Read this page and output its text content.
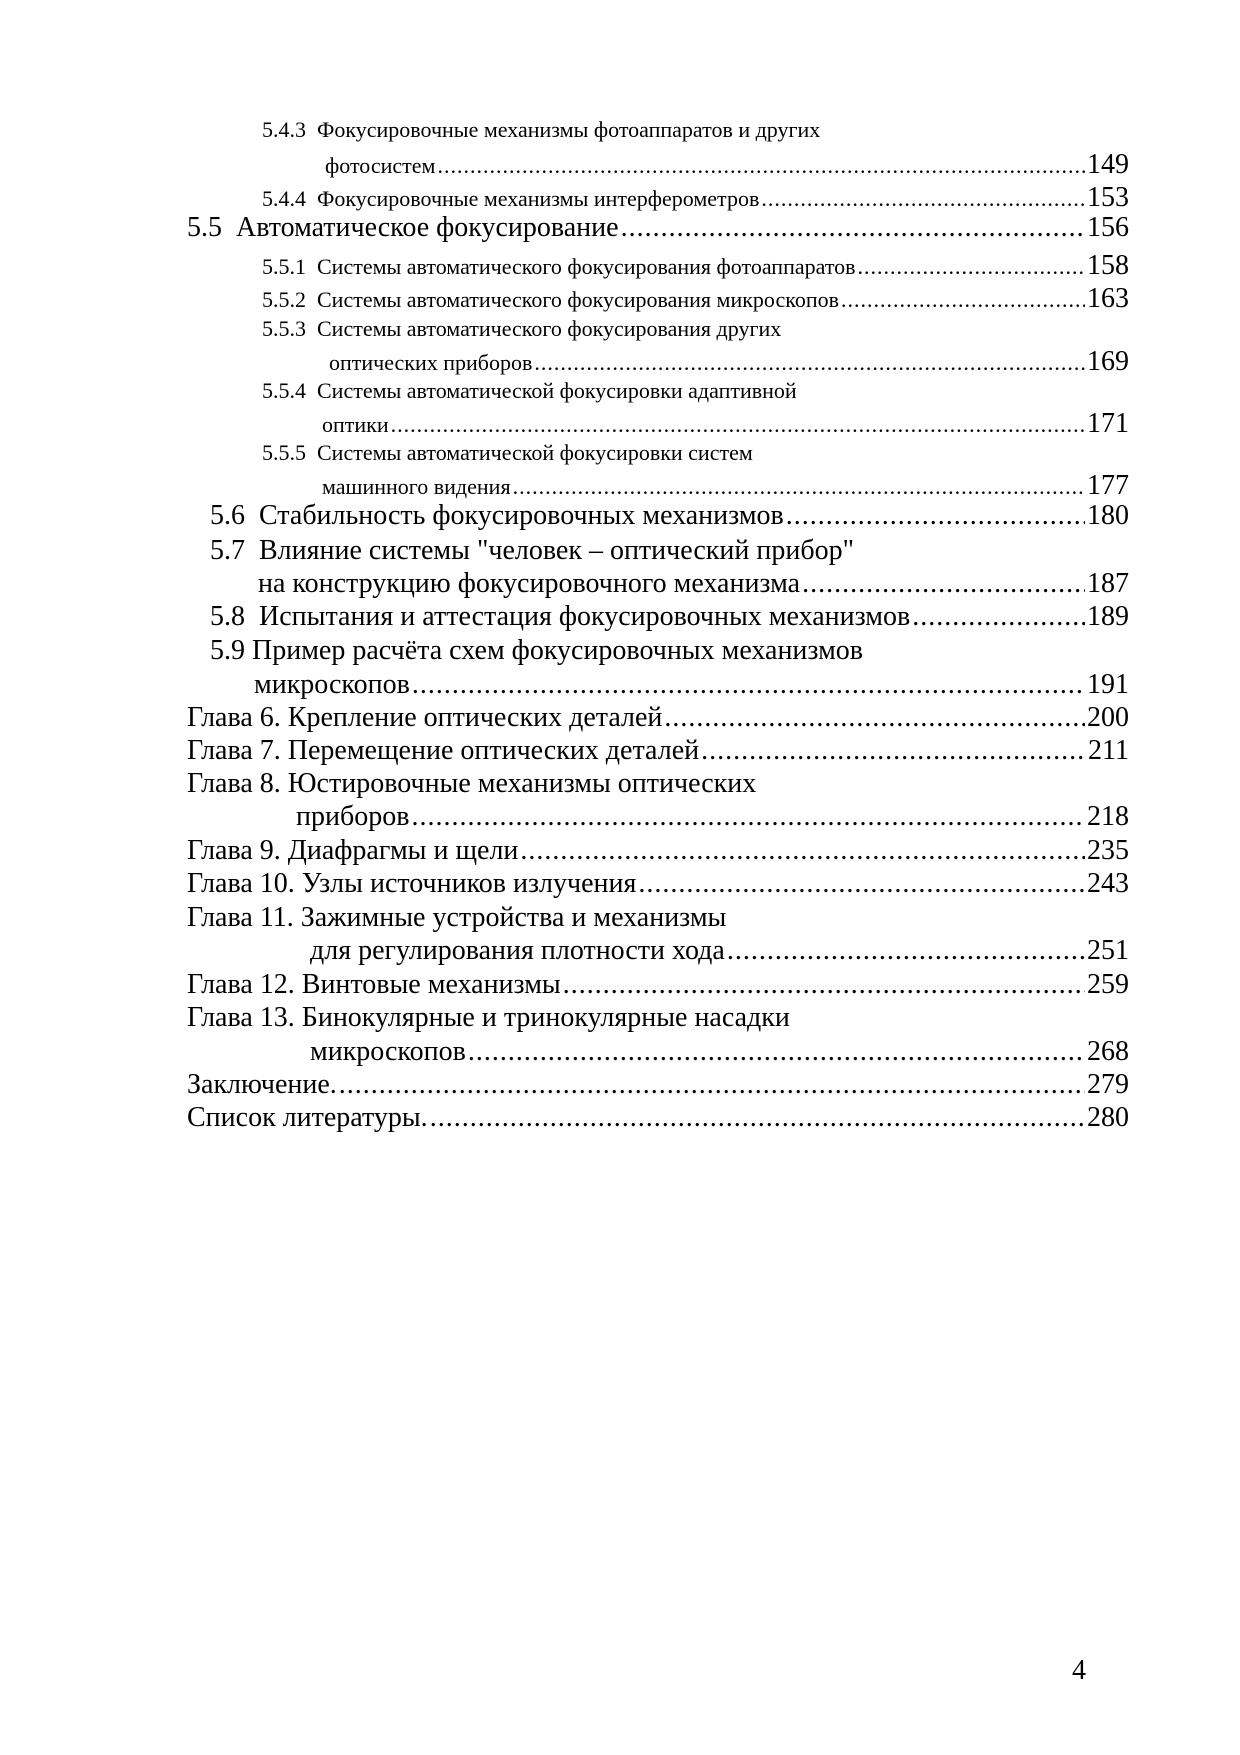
5.4.3 Фокусировочные механизмы фотоаппаратов и других
фотосистем .....	149
5.4.4 Фокусировочные механизмы интерферометров .....	153
5.5 Автоматическое фокусирование .....	156
5.5.1 Системы автоматического фокусирования фотоаппаратов .....	158
5.5.2 Системы автоматического фокусирования микроскопов .....	163
5.5.3 Системы автоматического фокусирования других
оптических приборов .....	169
5.5.4 Системы автоматической фокусировки адаптивной
оптики .....	171
5.5.5 Системы автоматической фокусировки систем
машинного видения .....	177
5.6 Стабильность фокусировочных механизмов .....	180
5.7 Влияние системы "человек – оптический прибор"
на конструкцию фокусировочного механизма .....	187
5.8 Испытания и аттестация фокусировочных механизмов .....	189
5.9 Пример расчёта схем фокусировочных механизмов
микроскопов .....	191
Глава 6. Крепление оптических деталей .....	200
Глава 7. Перемещение оптических деталей .....	211
Глава 8. Юстировочные механизмы оптических
приборов .....	218
Глава 9. Диафрагмы и щели .....	235
Глава 10. Узлы источников излучения .....	243
Глава 11. Зажимные устройства и механизмы
для регулирования плотности хода .....	251
Глава 12. Винтовые механизмы .....	259
Глава 13. Бинокулярные и тринокулярные насадки
микроскопов .....	268
Заключение. .....	279
Список литературы. .....	280
4
